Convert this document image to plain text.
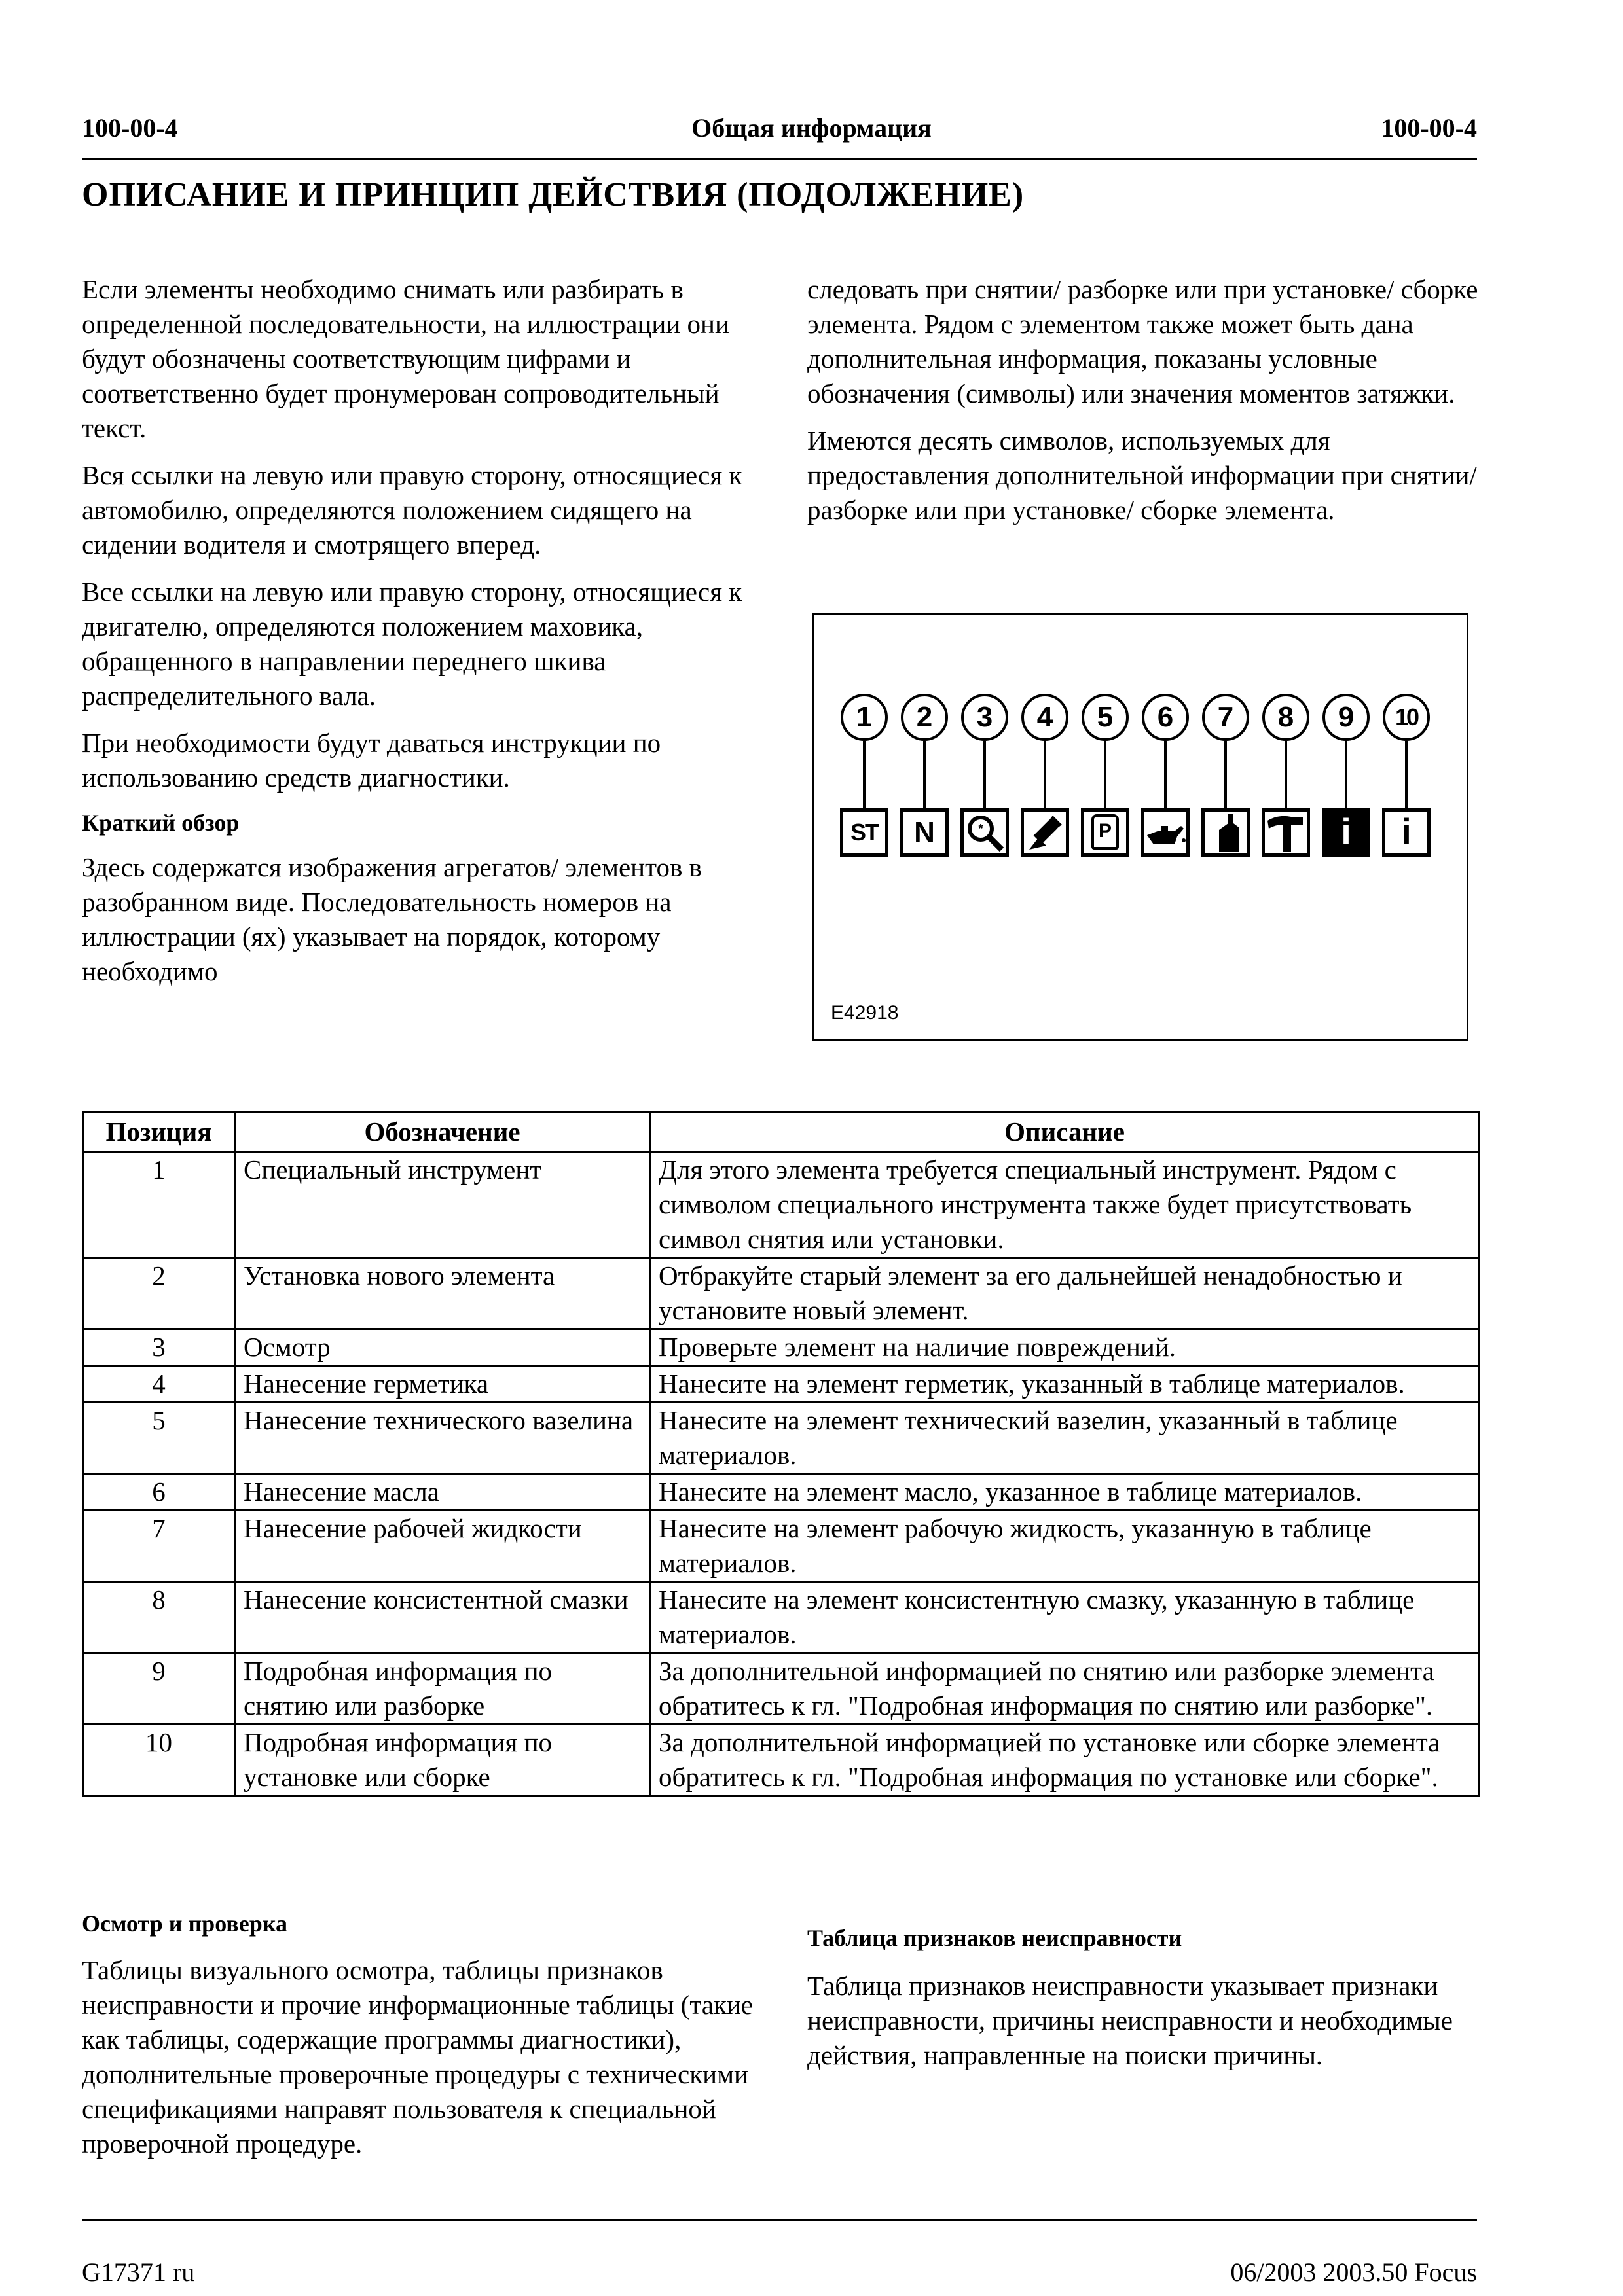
100-00-4	Общая информация	100-00-4
ОПИСАНИЕ И ПРИНЦИП ДЕЙСТВИЯ (ПОДОЛЖЕНИЕ)

Если элементы необходимо снимать или разбирать в определенной последовательности, на иллюстрации они будут обозначены соответствующим цифрами и соответственно будет пронумерован сопроводительный текст.

Вся ссылки на левую или правую сторону, относящиеся к автомобилю, определяются положением сидящего на сидении водителя и смотрящего вперед.

Все ссылки на левую или правую сторону, относящиеся к двигателю, определяются положением маховика, обращенного в направлении переднего шкива распределительного вала.

При необходимости будут даваться инструкции по использованию средств диагностики.

Краткий обзор

Здесь содержатся изображения агрегатов/ элементов в разобранном виде. Последовательность номеров на иллюстрации (ях) указывает на порядок, которому необходимо

следовать при снятии/ разборке или при установке/ сборке элемента. Рядом с элементом также может быть дана дополнительная информация, показаны условные обозначения (символы) или значения моментов затяжки.

Имеются десять символов, используемых для предоставления дополнительной информации при снятии/ разборке или при установке/ сборке элемента.

1
ST
2
N
3
*
4	5
P
6	7	8	9
i
10
i
E42918
Позиция	Обозначение	Описание
1	Специальный инструмент	Для этого элемента требуется специальный инструмент. Рядом с символом специального инструмента также будет присутствовать символ снятия или установки.
2	Установка нового элемента	Отбракуйте старый элемент за его дальнейшей ненадобностью и установите новый элемент.
3	Осмотр	Проверьте элемент на наличие повреждений.
4	Нанесение герметика	Нанесите на элемент герметик, указанный в таблице материалов.
5	Нанесение технического вазелина	Нанесите на элемент технический вазелин, указанный в таблице материалов.
6	Нанесение масла	Нанесите на элемент масло, указанное в таблице материалов.
7	Нанесение рабочей жидкости	Нанесите на элемент рабочую жидкость, указанную в таблице материалов.
8	Нанесение консистентной смазки	Нанесите на элемент консистентную смазку, указанную в таблице материалов.
9	Подробная информация по снятию или разборке	За дополнительной информацией по снятию или разборке элемента обратитесь к гл. "Подробная информация по снятию или разборке".
10	Подробная информация по установке или сборке	За дополнительной информацией по установке или сборке элемента обратитесь к гл. "Подробная информация по установке или сборке".
Осмотр и проверка

Таблицы визуального осмотра, таблицы признаков неисправности и прочие информационные таблицы (такие как таблицы, содержащие программы диагностики), дополнительные проверочные процедуры с техническими спецификациями направят пользователя к специальной проверочной процедуре.

Таблица признаков неисправности

Таблица признаков неисправности указывает признаки неисправности, причины неисправности и необходимые действия, направленные на поиски причины.

G17371 ru	06/2003 2003.50 Focus
